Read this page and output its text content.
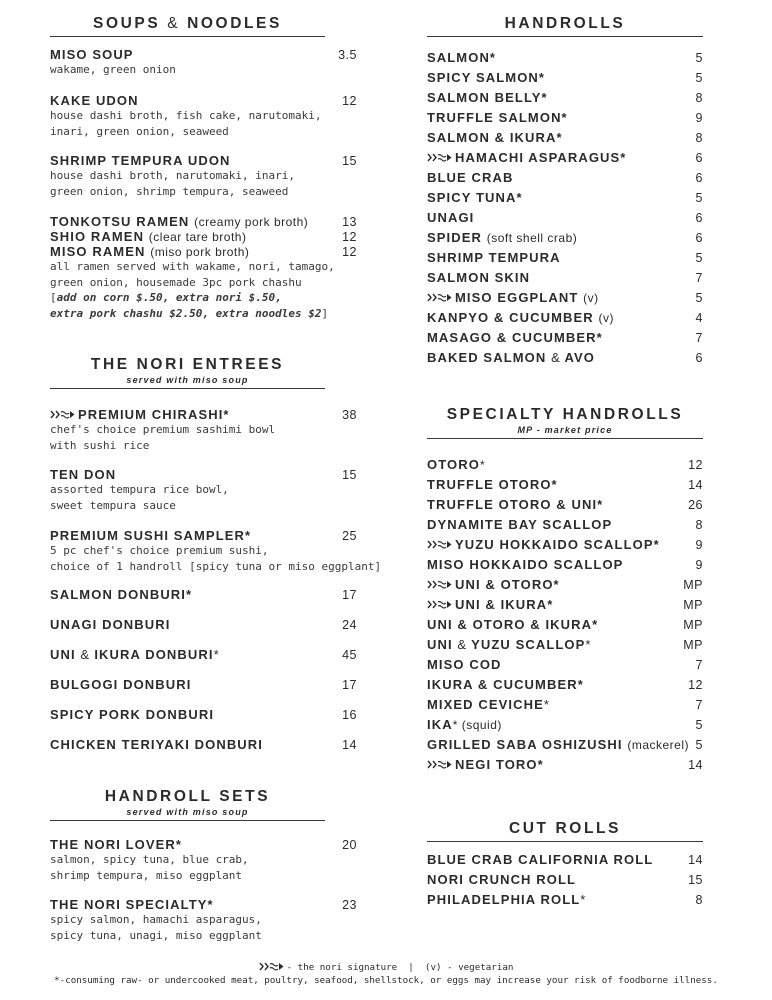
SOUPS & NOODLES
MISO SOUP	3.5
wakame, green onion
KAKE UDON	12
house dashi broth, fish cake, narutomaki,
inari, green onion, seaweed
SHRIMP TEMPURA UDON	15
house dashi broth, narutomaki, inari,
green onion, shrimp tempura, seaweed
TONKOTSU RAMEN (creamy pork broth)	13
SHIO RAMEN (clear tare broth)	12
MISO RAMEN (miso pork broth)	12
all ramen served with wakame, nori, tamago,
green onion, housemade 3pc pork chashu
[add on corn $.50, extra nori $.50,
extra pork chashu $2.50, extra noodles $2]
THE NORI ENTREES
served with miso soup
PREMIUM CHIRASHI*	38
chef's choice premium sashimi bowl
with sushi rice
TEN DON	15
assorted tempura rice bowl,
sweet tempura sauce
PREMIUM SUSHI SAMPLER*	25
5 pc chef's choice premium sushi,
choice of 1 handroll [spicy tuna or miso eggplant]
SALMON DONBURI*	17
UNAGI DONBURI	24
UNI & IKURA DONBURI*	45
BULGOGI DONBURI	17
SPICY PORK DONBURI	16
CHICKEN TERIYAKI DONBURI	14
HANDROLL SETS
served with miso soup
THE NORI LOVER*	20
salmon, spicy tuna, blue crab,
shrimp tempura, miso eggplant
THE NORI SPECIALTY*	23
spicy salmon, hamachi asparagus,
spicy tuna, unagi, miso eggplant
HANDROLLS
SALMON*	5
SPICY SALMON*	5
SALMON BELLY*	8
TRUFFLE SALMON*	9
SALMON & IKURA*	8
HAMACHI ASPARAGUS*	6
BLUE CRAB	6
SPICY TUNA*	5
UNAGI	6
SPIDER (soft shell crab)	6
SHRIMP TEMPURA	5
SALMON SKIN	7
MISO EGGPLANT (v)	5
KANPYO & CUCUMBER (v)	4
MASAGO & CUCUMBER*	7
BAKED SALMON & AVO	6
SPECIALTY HANDROLLS
MP - market price
OTORO*	12
TRUFFLE OTORO*	14
TRUFFLE OTORO & UNI*	26
DYNAMITE BAY SCALLOP	8
YUZU HOKKAIDO SCALLOP*	9
MISO HOKKAIDO SCALLOP	9
UNI & OTORO*	MP
UNI & IKURA*	MP
UNI & OTORO & IKURA*	MP
UNI & YUZU SCALLOP*	MP
MISO COD	7
IKURA & CUCUMBER*	12
MIXED CEVICHE*	7
IKA* (squid)	5
GRILLED SABA OSHIZUSHI (mackerel) 5
NEGI TORO*	14
CUT ROLLS
BLUE CRAB CALIFORNIA ROLL	14
NORI CRUNCH ROLL	15
PHILADELPHIA ROLL*	8
- the nori signature | (v) - vegetarian
*-consuming raw- or undercooked meat, poultry, seafood, shellstock, or eggs may increase your risk of foodborne illness.
